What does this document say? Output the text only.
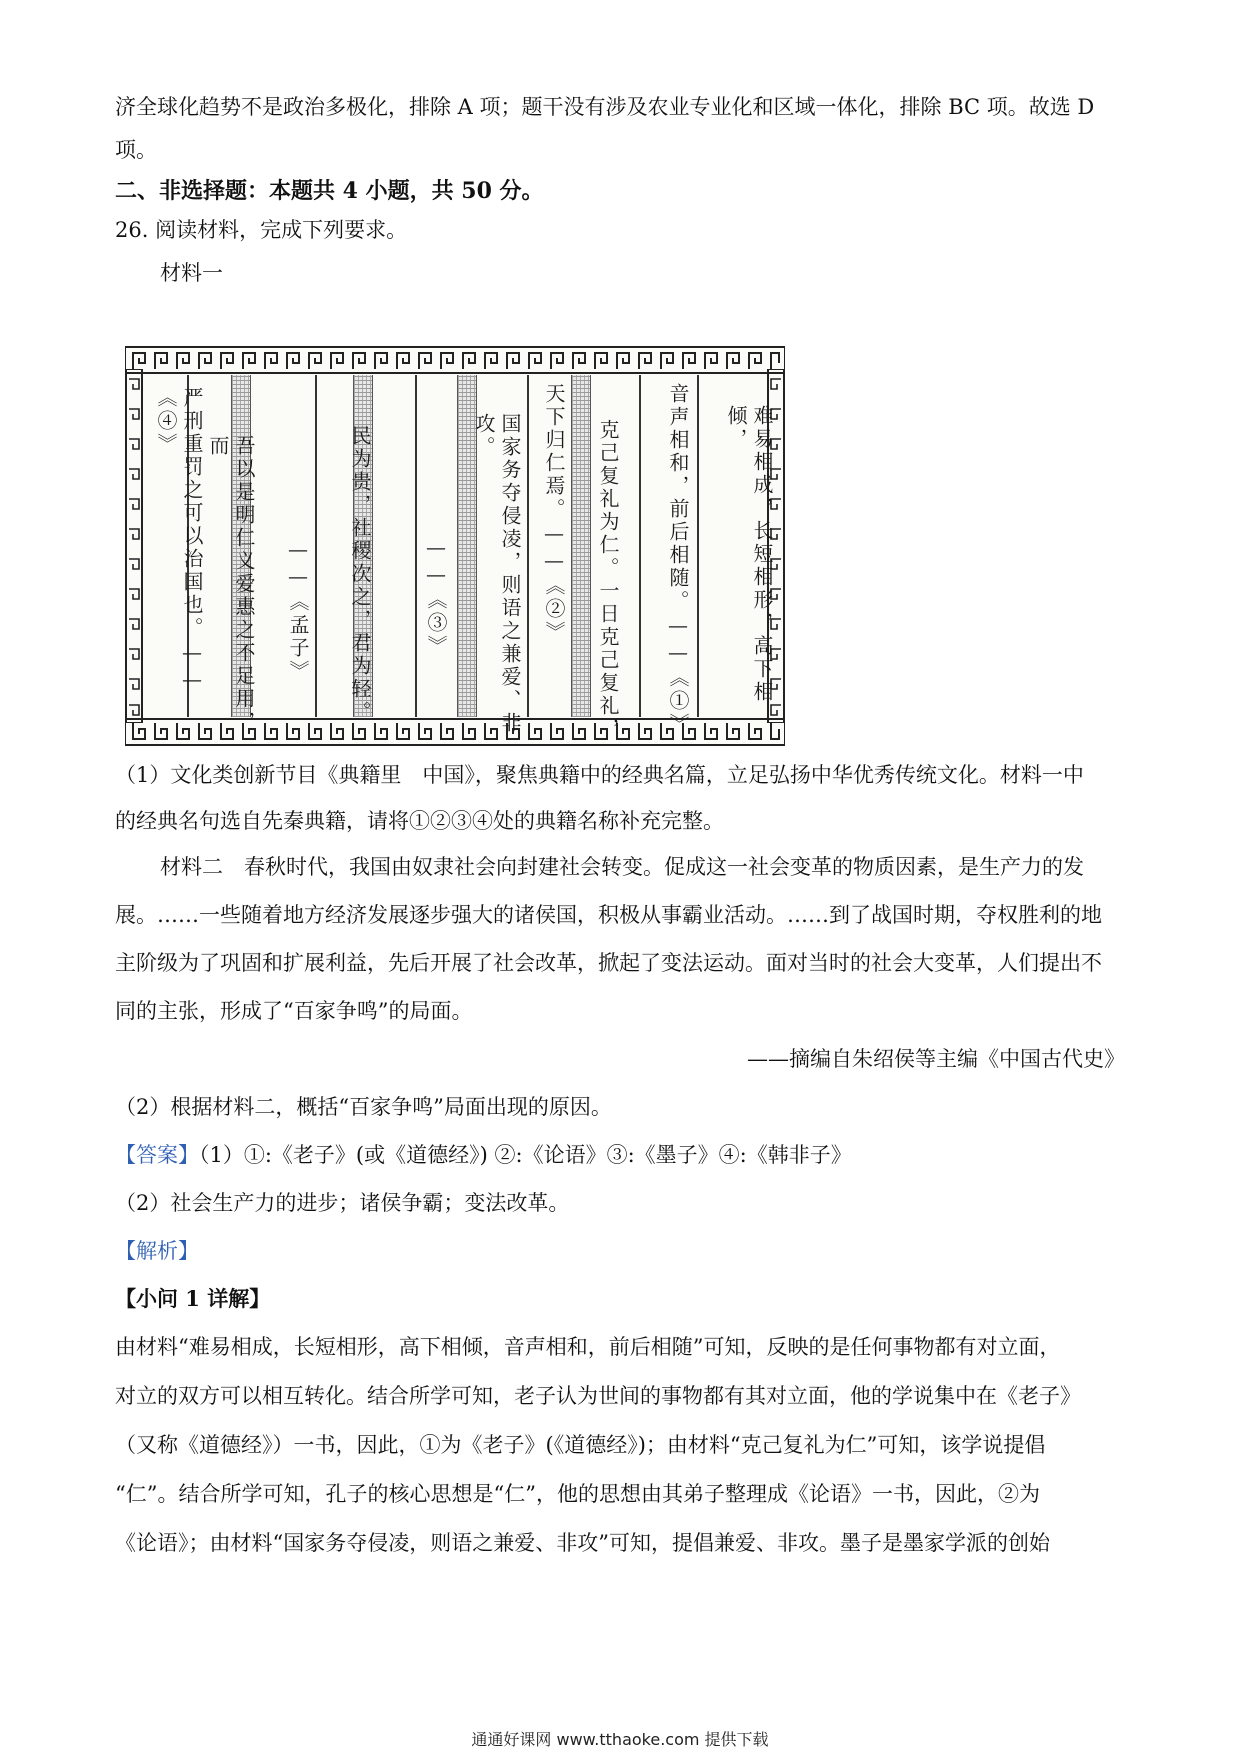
济全球化趋势不是政治多极化，排除 A 项；题干没有涉及农业专业化和区域一体化，排除 BC 项。故选 D
项。
二、非选择题：本题共 4 小题，共 50 分。
26. 阅读材料，完成下列要求。
材料一
难易相成，长短相形，高下相倾，
音声相和，前后相随。——《①》
克己复礼为仁。一日克己复礼，
天下归仁焉。——《②》
国家务夺侵凌，则语之兼爱、非攻。
——《③》
民为贵，社稷次之，君为轻。
——《孟子》
吾以是明仁义爱惠之不足用，而
严刑重罚之可以治国也。——《④》
（1）文化类创新节目《典籍里　中国》，聚焦典籍中的经典名篇，立足弘扬中华优秀传统文化。材料一中
的经典名句选自先秦典籍，请将①②③④处的典籍名称补充完整。
材料二　春秋时代，我国由奴隶社会向封建社会转变。促成这一社会变革的物质因素，是生产力的发
展。……一些随着地方经济发展逐步强大的诸侯国，积极从事霸业活动。……到了战国时期，夺权胜利的地
主阶级为了巩固和扩展利益，先后开展了社会改革，掀起了变法运动。面对当时的社会大变革，人们提出不
同的主张，形成了“百家争鸣”的局面。
——摘编自朱绍侯等主编《中国古代史》
（2）根据材料二，概括“百家争鸣”局面出现的原因。
【答案】（1）①:《老子》(或《道德经》) ②:《论语》③:《墨子》④:《韩非子》
（2）社会生产力的进步；诸侯争霸；变法改革。
【解析】
【小问 1 详解】
由材料“难易相成，长短相形，高下相倾，音声相和，前后相随”可知，反映的是任何事物都有对立面，
对立的双方可以相互转化。结合所学可知，老子认为世间的事物都有其对立面，他的学说集中在《老子》
（又称《道德经》）一书，因此，①为《老子》(《道德经》)；由材料“克己复礼为仁”可知，该学说提倡
“仁”。结合所学可知，孔子的核心思想是“仁”，他的思想由其弟子整理成《论语》一书，因此，②为
《论语》；由材料“国家务夺侵凌，则语之兼爱、非攻”可知，提倡兼爱、非攻。墨子是墨家学派的创始
通通好课网 www.tthaoke.com 提供下载
